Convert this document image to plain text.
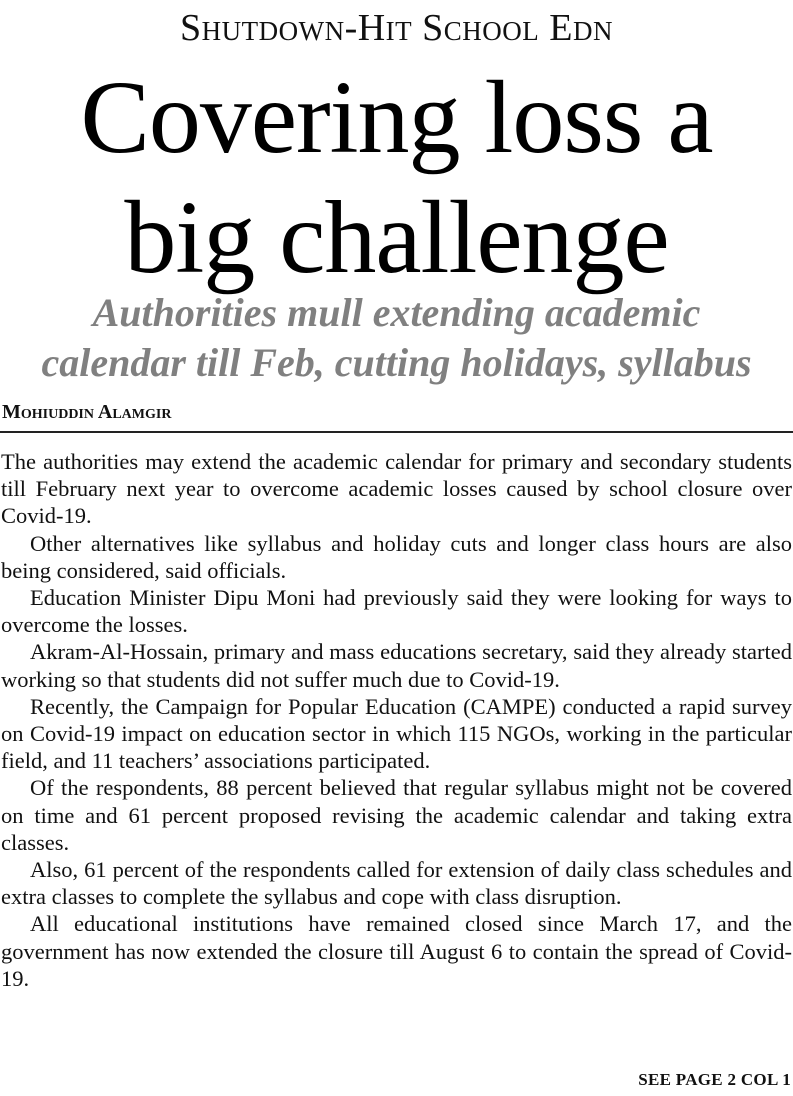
Shutdown-Hit School Edn
Covering loss a
big challenge
Authorities mull extending academic
calendar till Feb, cutting holidays, syllabus
Mohiuddin Alamgir

The authorities may extend the academic calendar for primary and secondary students till February next year to overcome academic losses caused by school closure over Covid-19.

Other alternatives like syllabus and holiday cuts and longer class hours are also being considered, said officials.

Education Minister Dipu Moni had previously said they were looking for ways to overcome the losses.

Akram-Al-Hossain, primary and mass educations secretary, said they already started working so that students did not suffer much due to Covid-19.

Recently, the Campaign for Popular Education (CAMPE) conducted a rapid survey on Covid-19 impact on education sector in which 115 NGOs, working in the particular field, and 11 teachers’ associations participated.

Of the respondents, 88 percent believed that regular syllabus might not be covered on time and 61 percent proposed revising the academic calendar and taking extra classes.

Also, 61 percent of the respondents called for extension of daily class schedules and extra classes to complete the syllabus and cope with class disruption.

All educational institutions have remained closed since March 17, and the government has now extended the closure till August 6 to contain the spread of Covid-19.

SEE PAGE 2 COL 1
